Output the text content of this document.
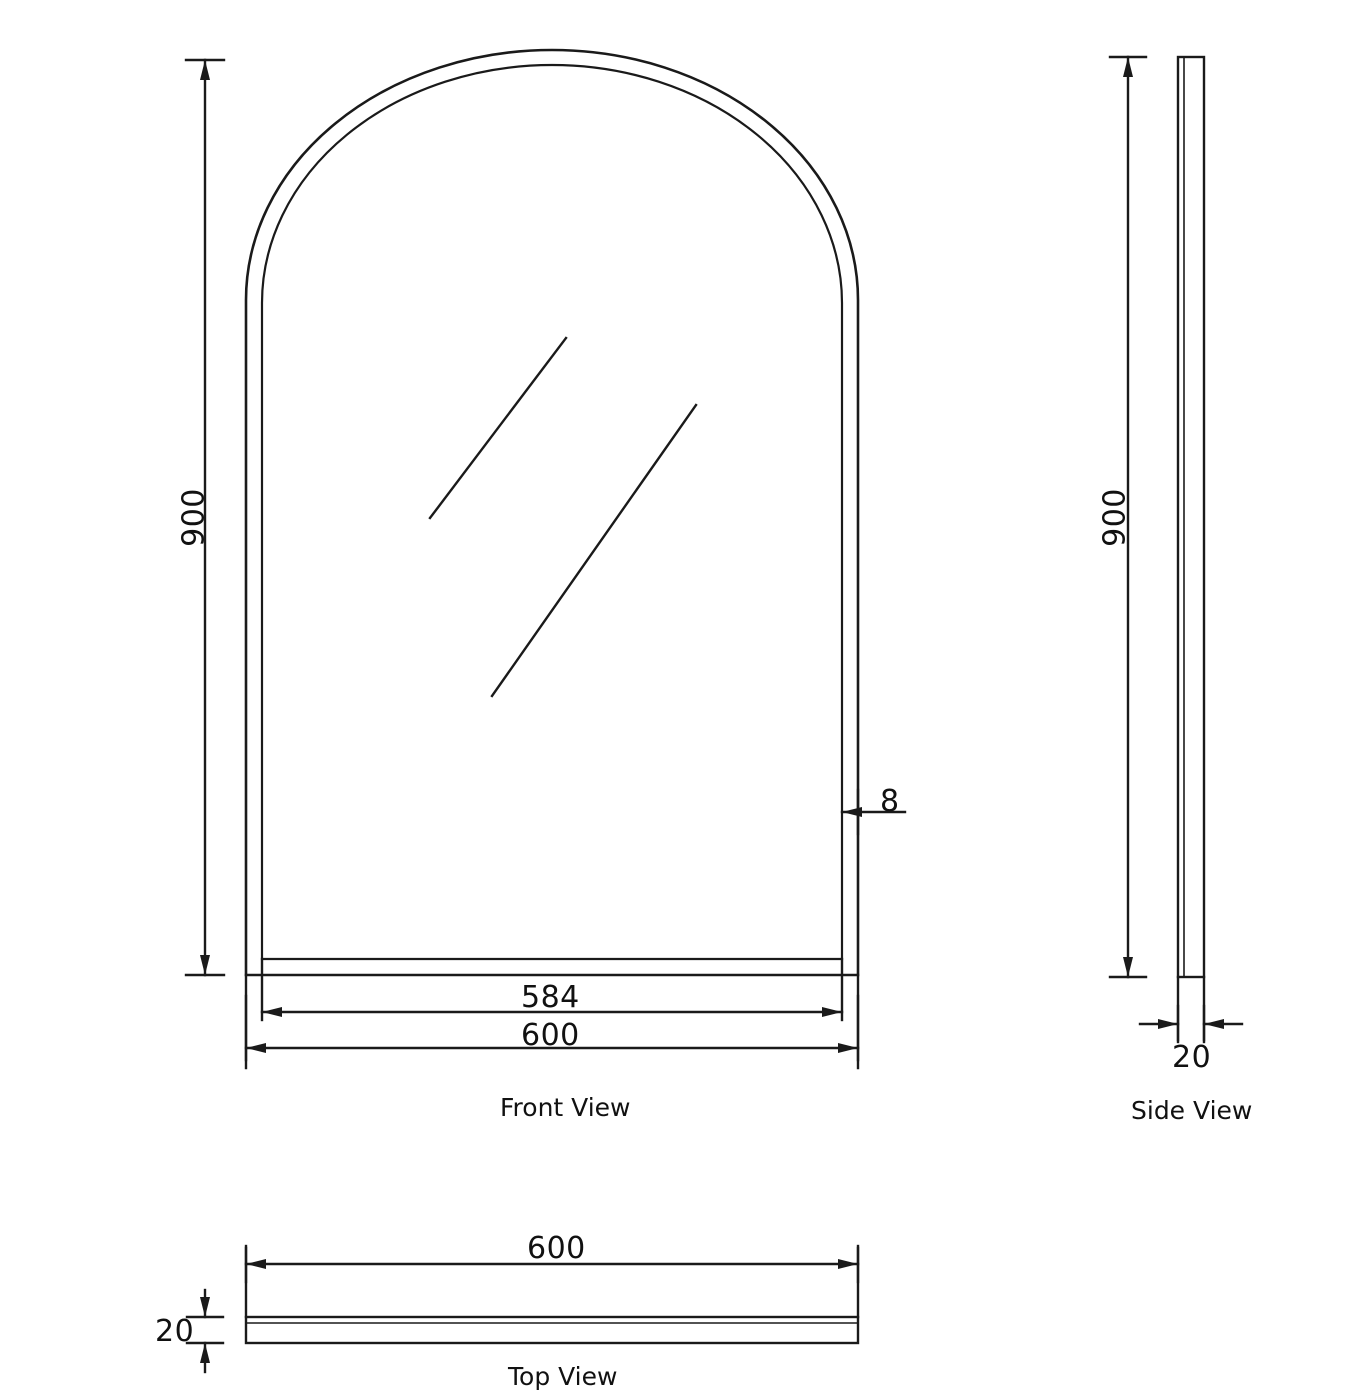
900
584
600
8
Front View
900
20
Side View
600
20
Top View
